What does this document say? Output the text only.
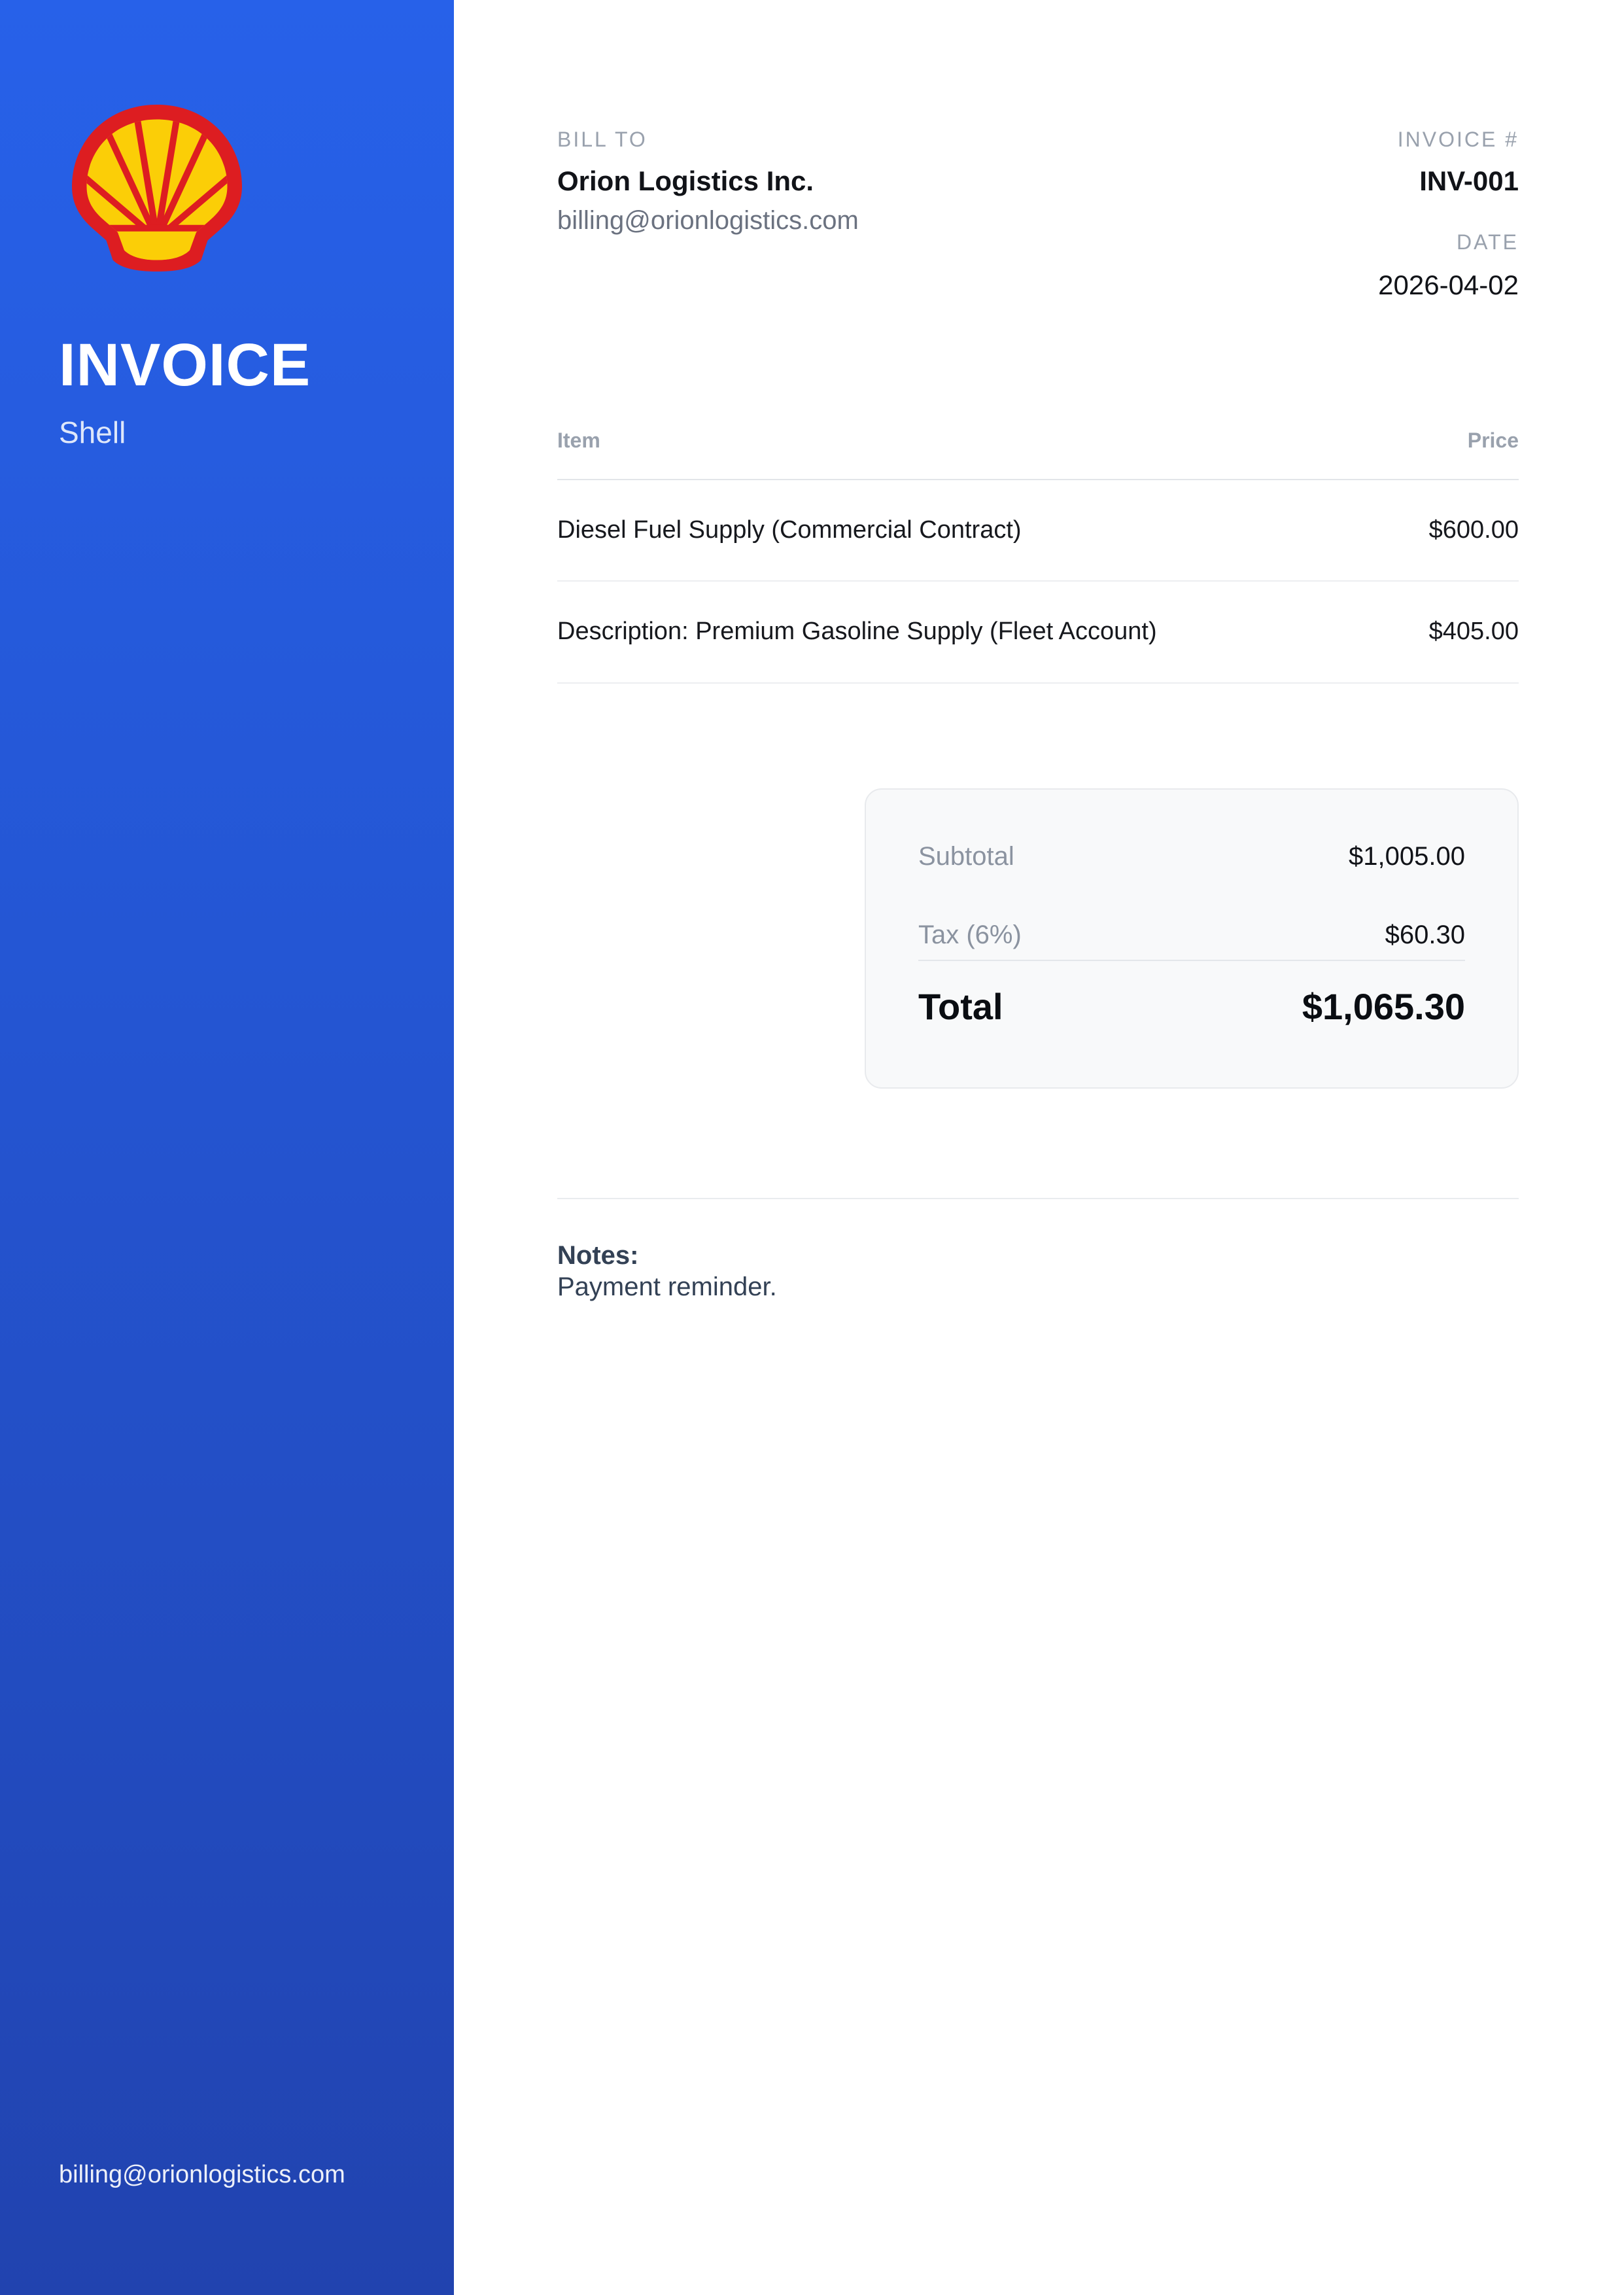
INVOICE
Shell
billing@orionlogistics.com
BILL TO
Orion Logistics Inc.
billing@orionlogistics.com
INVOICE #
INV-001
DATE
2026-04-02
Item	Price
Diesel Fuel Supply (Commercial Contract)	$600.00
Description: Premium Gasoline Supply (Fleet Account)	$405.00
Subtotal	$1,005.00
Tax (6%)	$60.30
Total	$1,065.30
Notes:
Payment reminder.
